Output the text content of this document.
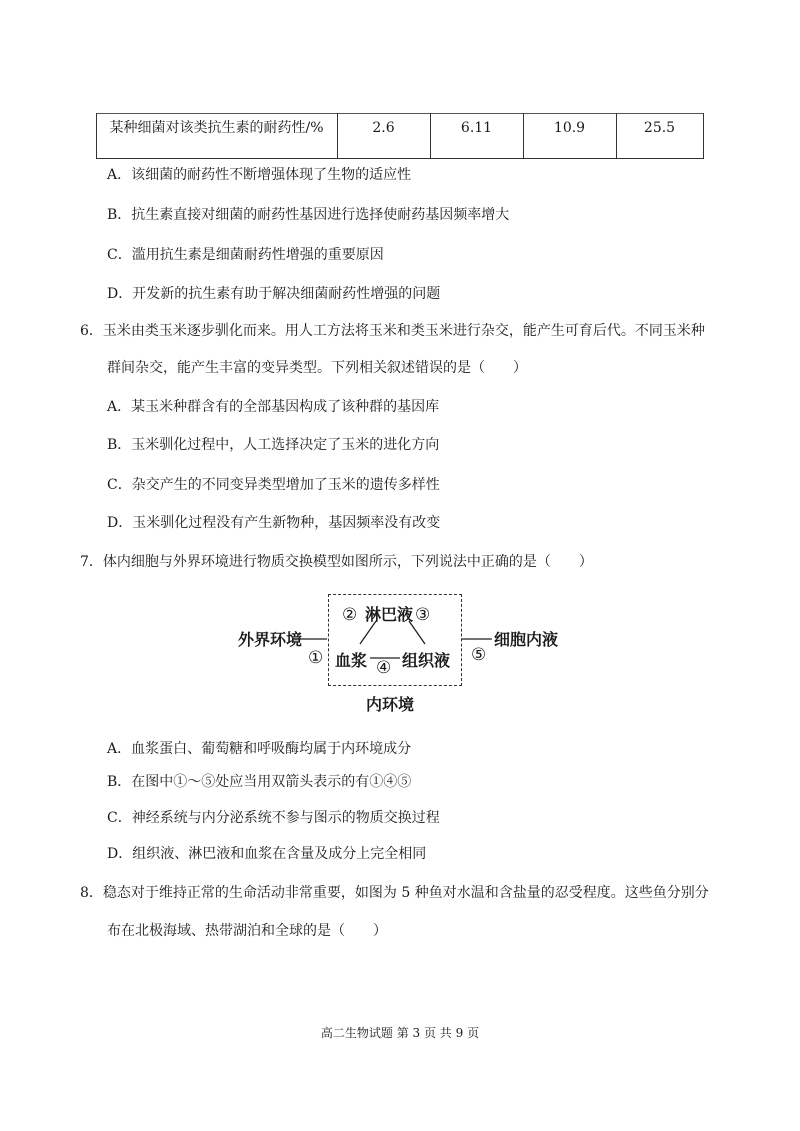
某种细菌对该类抗生素的耐药性/%	2.6	6.11	10.9	25.5
A．该细菌的耐药性不断增强体现了生物的适应性
B．抗生素直接对细菌的耐药性基因进行选择使耐药基因频率增大
C．滥用抗生素是细菌耐药性增强的重要原因
D．开发新的抗生素有助于解决细菌耐药性增强的问题
6．玉米由类玉米逐步驯化而来。用人工方法将玉米和类玉米进行杂交，能产生可育后代。不同玉米种
群间杂交，能产生丰富的变异类型。下列相关叙述错误的是（　　）
A．某玉米种群含有的全部基因构成了该种群的基因库
B．玉米驯化过程中，人工选择决定了玉米的进化方向
C．杂交产生的不同变异类型增加了玉米的遗传多样性
D．玉米驯化过程没有产生新物种，基因频率没有改变
7．体内细胞与外界环境进行物质交换模型如图所示，下列说法中正确的是（　　）
外界环境
①
② 淋巴液 ③
血浆 ④ 组织液 ⑤
细胞内液
内环境
A．血浆蛋白、葡萄糖和呼吸酶均属于内环境成分
B．在图中①～⑤处应当用双箭头表示的有①④⑤
C．神经系统与内分泌系统不参与图示的物质交换过程
D．组织液、淋巴液和血浆在含量及成分上完全相同
8．稳态对于维持正常的生命活动非常重要，如图为 5 种鱼对水温和含盐量的忍受程度。这些鱼分别分
布在北极海域、热带湖泊和全球的是（　　）
高二生物试题 第 3 页 共 9 页
